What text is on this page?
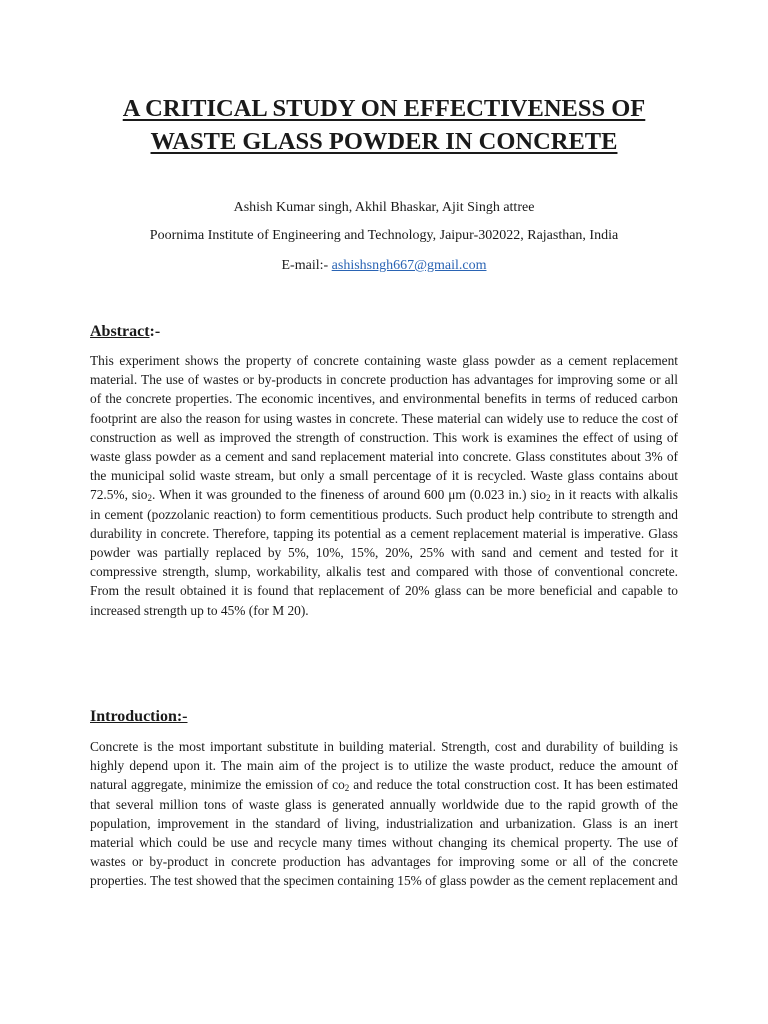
A CRITICAL STUDY ON EFFECTIVENESS OF
WASTE GLASS POWDER IN CONCRETE

Ashish Kumar singh, Akhil Bhaskar, Ajit Singh attree

Poornima Institute of Engineering and Technology, Jaipur-302022, Rajasthan, India

E-mail:- ashishsngh667@gmail.com

Abstract:-

This experiment shows the property of concrete containing waste glass powder as a cement replacement material. The use of wastes or by-products in concrete production has advantages for improving some or all of the concrete properties. The economic incentives, and environmental benefits in terms of reduced carbon footprint are also the reason for using wastes in concrete. These material can widely use to reduce the cost of construction as well as improved the strength of construction. This work is examines the effect of using of waste glass powder as a cement and sand replacement material into concrete. Glass constitutes about 3% of the municipal solid waste stream, but only a small percentage of it is recycled. Waste glass contains about 72.5%, sio$_2$. When it was grounded to the fineness of around 600 μm (0.023 in.) sio$_2$ in it reacts with alkalis in cement (pozzolanic reaction) to form cementitious products. Such product help contribute to strength and durability in concrete. Therefore, tapping its potential as a cement replacement material is imperative. Glass powder was partially replaced by 5%, 10%, 15%, 20%, 25% with sand and cement and tested for it compressive strength, slump, workability, alkalis test and compared with those of conventional concrete. From the result obtained it is found that replacement of 20% glass can be more beneficial and capable to increased strength up to 45% (for M 20).

Introduction:-

Concrete is the most important substitute in building material. Strength, cost and durability of building is highly depend upon it. The main aim of the project is to utilize the waste product, reduce the amount of natural aggregate, minimize the emission of $co_2$ and reduce the total construction cost. It has been estimated that several million tons of waste glass is generated annually worldwide due to the rapid growth of the population, improvement in the standard of living, industrialization and urbanization. Glass is an inert material which could be use and recycle many times without changing its chemical property. The use of wastes or by-product in concrete production has advantages for improving some or all of the concrete properties. The test showed that the specimen containing 15% of glass powder as the cement replacement and
